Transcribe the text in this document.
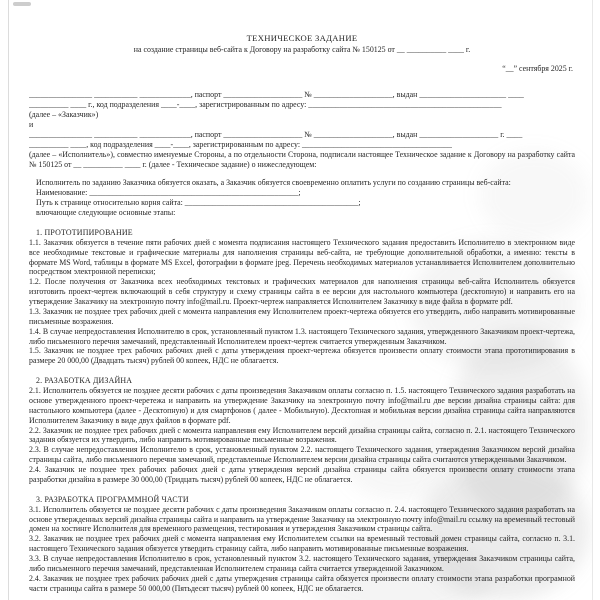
ТЕХНИЧЕСКОЕ ЗАДАНИЕ
на создание страницы веб-сайта к Договору на разработку сайта № 150125 от __ __________ ____ г.
“__” сентября 2025 г.
________________ ___________ _____________, паспорт ____________________ № ____________________, выдан ______________________ ____
__________ ____ г., код подразделения ____-____, зарегистрированным по адресу: _________________________________________________
(далее – «Заказчик»)
и
________________ ___________ _____________, паспорт ____________________ № ____________________, выдан ____________________ г. ____
__________ ____, код подразделения ____-____, зарегистрированным по адресу: ______________________________________
(далее – «Исполнитель»), совместно именуемые Стороны, а по отдельности Сторона, подписали настоящее Техническое задание к Договору на разработку сайта № 150125 от __ __________ ____ г. (далее - Техническое задание) о нижеследующем:
Исполнитель по заданию Заказчика обязуется оказать, а Заказчик обязуется своевременно оплатить услуги по созданию страницы веб-сайта:
Наименование: _____________________________________________________;
Путь к странице относительно корня сайта: ____________________________________________;
влючающие следующие основные этапы:
1. ПРОТОТИПИРОВАНИЕ
1.1. Заказчик обязуется в течение пяти рабочих дней с момента подписания настоящего Технического задания предоставить Исполнителю в электронном виде все необходимые текстовые и графические материалы для наполнения страницы веб-сайта, не требующие дополнительной обработки, а именно: тексты в формате MS Word, таблицы в формате MS Excel, фотографии в формате jpeg. Перечень необходимых материалов устанавливается Исполнителем дополнительно посредством электронной переписки;
1.2. После получения от Заказчика всех необходимых текстовых и графических материалов для наполнения страницы веб-сайта Исполнитель обязуется изготовить проект-чертеж включающий в себя структуру и схему страницы сайта в ее версии для настольного компьютера (десктопную) и направить его на утверждение Заказчику на электронную почту info@mail.ru. Проект-чертеж направляется Исполнителем Заказчику в виде файла в формате pdf.
1.3. Заказчик не позднее трех рабочих дней с момента направления ему Исполнителем проект-чертежа обязуется его утвердить, либо направить мотивированные письменные возражения.
1.4. В случае непредоставления Исполнителю в срок, установленный пунктом 1.3. настоящего Технического задания, утвержденного Заказчиком проект-чертежа, либо письменного перечня замечаний, представленный Исполнителем проект-чертеж считается утвержденным Заказчиком.
1.5. Заказчик не позднее трех рабочих рабочих дней с даты утверждения проект-чертежа обязуется произвести оплату стоимости этапа прототипирования в размере 20 000,00 (Двадцать тысяч) рублей 00 копеек, НДС не облагается.
2. РАЗАБОТКА ДИЗАЙНА
2.1. Исполнитель обязуется не позднее десяти рабочих с даты произведения Заказчиком оплаты согласно п. 1.5. настоящего Технического задания разработать на основе утвержденного проект-черетежа и направить на утверждение Заказчику на электронную почту info@mail.ru две версии дизайна страницы сайта: для настольного компьютера (далее - Десктопную) и для смартфонов ( далее - Мобильную). Десктопная и мобильная версии дизайна страницы сайта направляются Исполнителем Заказчику в виде двух файлов в формате pdf.
2.2. Заказчик не позднее трех рабочих дней с момента направления ему Исполнителем версий дизайна страницы сайта, согласно п. 2.1. настоящего Технического задания обязуется их утвердить, либо направить мотивированные письменные возражения.
2.3. В случае непредоставления Исполнителю в срок, установленный пунктом 2.2. настоящего Технического задания, утверждения Заказчиком версий дизайна страницы сайта, либо письменного перечня замечаний, представленные Исполнителем версии дизайна страницы сайта считаются утвержденными Заказчиком.
2.4. Заказчик не позднее трех рабочих рабочих дней с даты утверждения версий дизайна страницы сайта обязуется произвести оплату стоимости этапа разработки дизайна в размере 30 000,00 (Тридцать тысяч) рублей 00 копеек, НДС не облагается.
3. РАЗРАБОТКА ПРОГРАММНОЙ ЧАСТИ
3.1. Исполнитель обязуется не позднее десяти рабочих с даты произведения Заказчиком оплаты согласно п. 2.4. настоящего Технического задания разработать на основе утвержденных версий дизайна страницы сайта и направить на утверждение Заказчику на электронную почту info@mail.ru ссылку на временный тестовый домен на хостинге Исполнителя для временного размещения, тестирования и утверждения Заказчиком страницы сайта.
3.2. Заказчик не позднее трех рабочих дней с момента направления ему Исполнителем ссылки на временный тестовый домен страницы сайта, согласно п. 3.1. настоящего Технического задания обязуется утвердить страницу сайта, либо направить мотивированные письменные возражения.
3.3. В случае непредоставления Исполнителю в срок, установленный пунктом 3.2. настоящего Технического задания, утверждения Заказчиком страницы сайта, либо письменного перечня замечаний, представленная Исполнителем страница сайта считается утвержденной Заказчиком.
2.4. Заказчик не позднее трех рабочих рабочих дней с даты утверждения страницы сайта обязуется произвести оплату стоимости этапа разработки програмной части страницы сайта в размере 50 000,00 (Пятьдесят тысяч) рублей 00 копеек, НДС не облагается.
